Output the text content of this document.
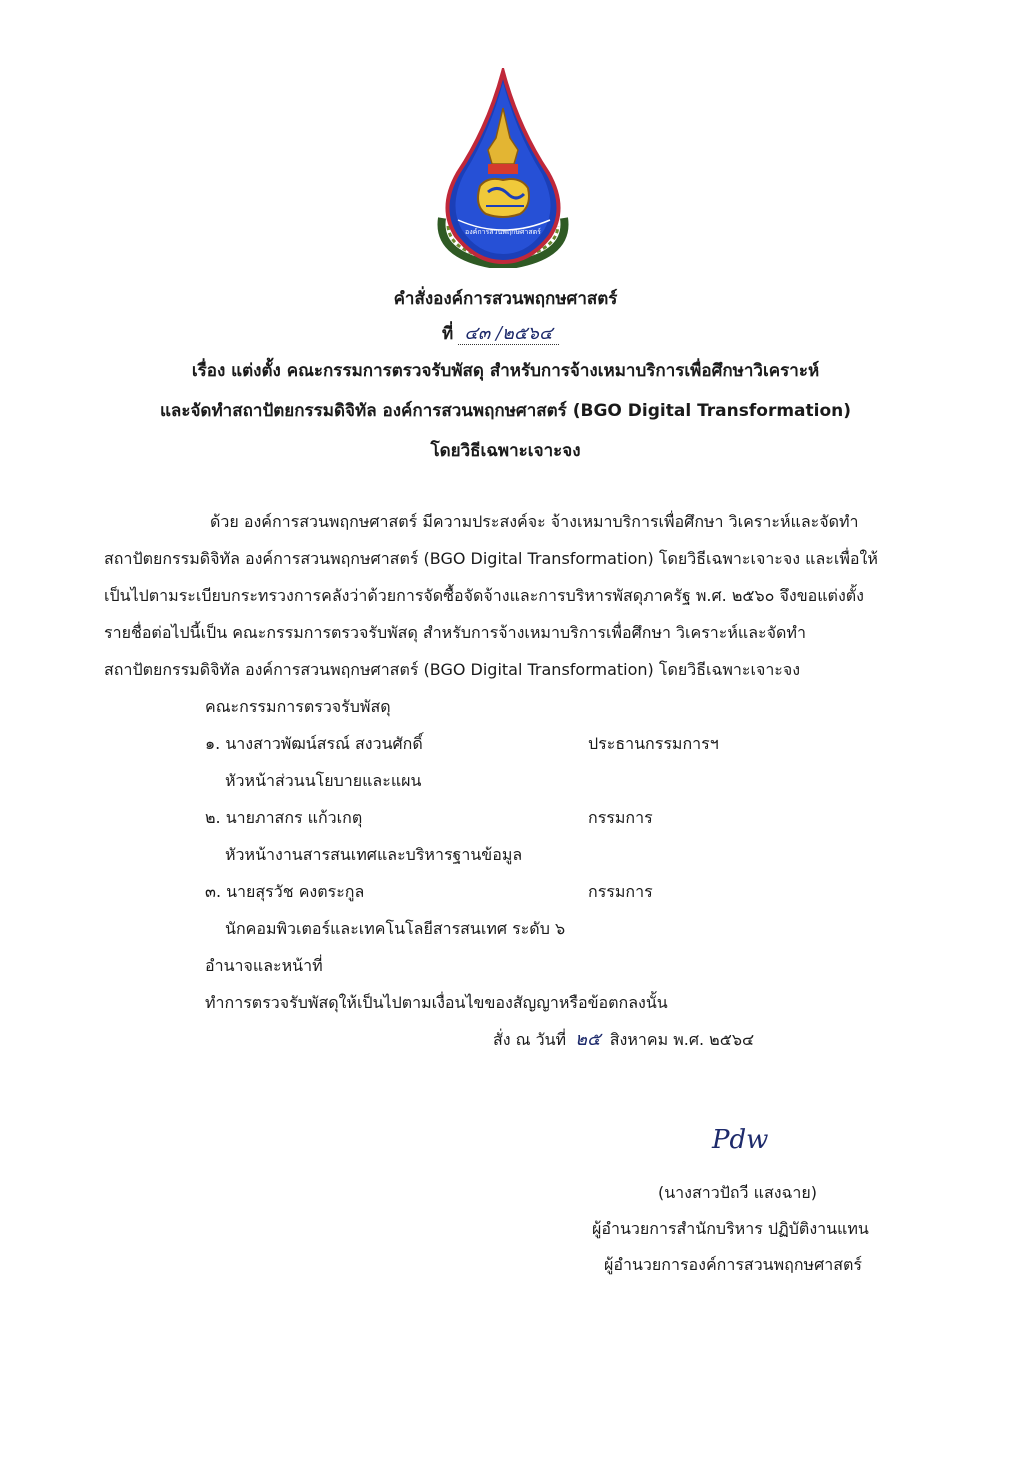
องค์การสวนพฤกษศาสตร์
คำสั่งองค์การสวนพฤกษศาสตร์
ที่ ๔๓ /๒๕๖๔
เรื่อง แต่งตั้ง คณะกรรมการตรวจรับพัสดุ สำหรับการจ้างเหมาบริการเพื่อศึกษาวิเคราะห์
และจัดทำสถาปัตยกรรมดิจิทัล องค์การสวนพฤกษศาสตร์ (BGO Digital Transformation)
โดยวิธีเฉพาะเจาะจง
ด้วย องค์การสวนพฤกษศาสตร์ มีความประสงค์จะ จ้างเหมาบริการเพื่อศึกษา วิเคราะห์และจัดทำ
สถาปัตยกรรมดิจิทัล องค์การสวนพฤกษศาสตร์ (BGO Digital Transformation) โดยวิธีเฉพาะเจาะจง และเพื่อให้
เป็นไปตามระเบียบกระทรวงการคลังว่าด้วยการจัดซื้อจัดจ้างและการบริหารพัสดุภาครัฐ พ.ศ. ๒๕๖๐ จึงขอแต่งตั้ง
รายชื่อต่อไปนี้เป็น คณะกรรมการตรวจรับพัสดุ สำหรับการจ้างเหมาบริการเพื่อศึกษา วิเคราะห์และจัดทำ
สถาปัตยกรรมดิจิทัล องค์การสวนพฤกษศาสตร์ (BGO Digital Transformation) โดยวิธีเฉพาะเจาะจง
คณะกรรมการตรวจรับพัสดุ
๑. นางสาวพัฒน์สรณ์ สงวนศักดิ์	ประธานกรรมการฯ
หัวหน้าส่วนนโยบายและแผน
๒. นายภาสกร แก้วเกตุ	กรรมการ
หัวหน้างานสารสนเทศและบริหารฐานข้อมูล
๓. นายสุรวัช คงตระกูล	กรรมการ
นักคอมพิวเตอร์และเทคโนโลยีสารสนเทศ ระดับ ๖
อำนาจและหน้าที่
ทำการตรวจรับพัสดุให้เป็นไปตามเงื่อนไขของสัญญาหรือข้อตกลงนั้น
สั่ง ณ วันที่ ๒๕ สิงหาคม พ.ศ. ๒๕๖๔
Pdw
(นางสาวปัถวี แสงฉาย)
ผู้อำนวยการสำนักบริหาร ปฏิบัติงานแทน
ผู้อำนวยการองค์การสวนพฤกษศาสตร์
